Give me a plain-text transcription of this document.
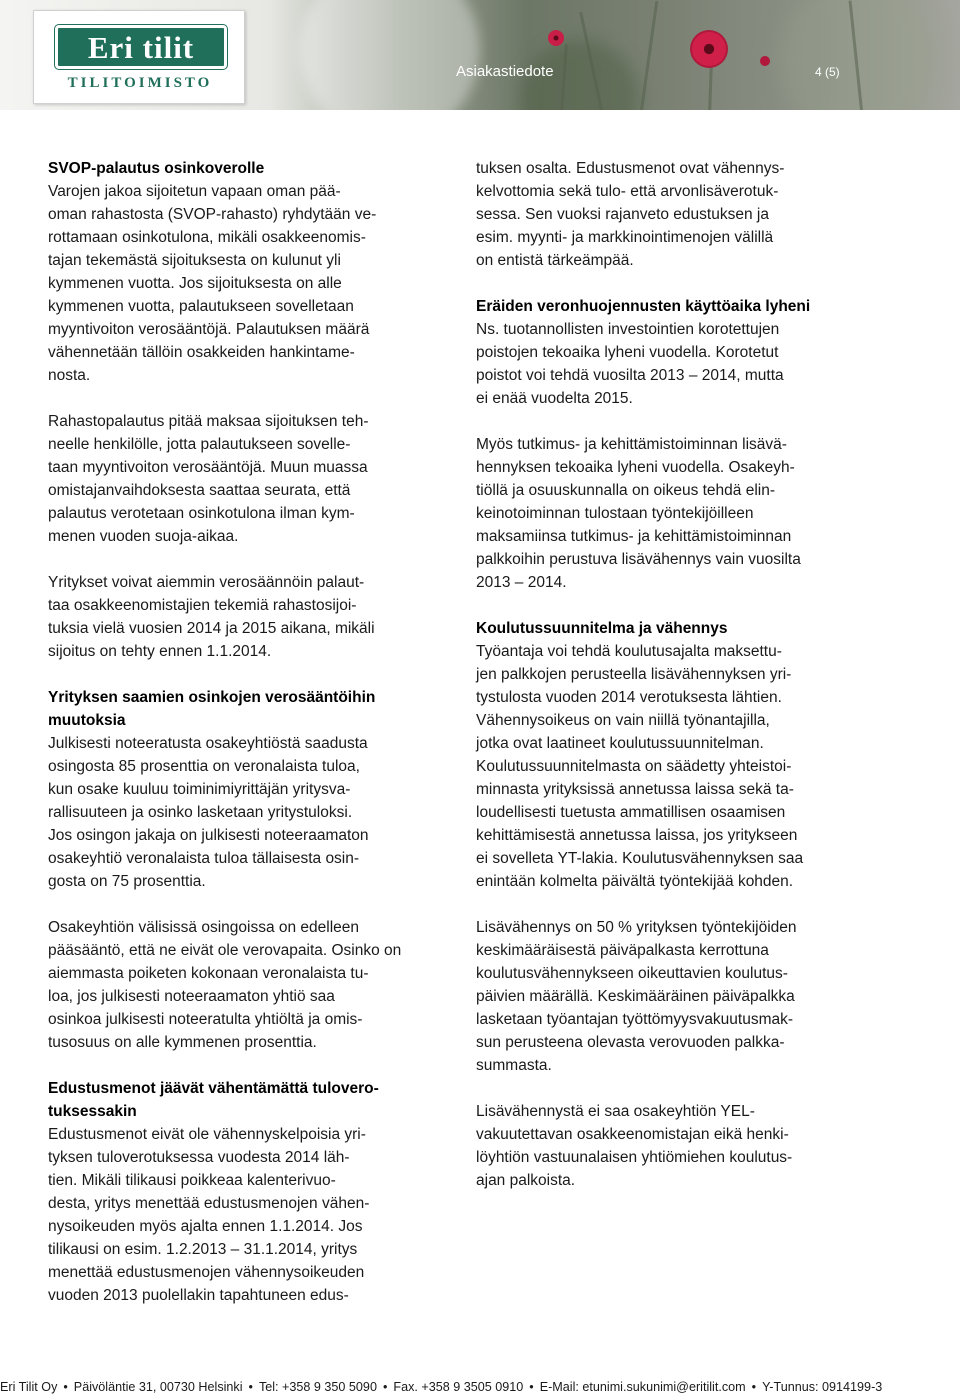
Eri tilit
TILITOIMISTO
Asiakastiedote	4 (5)
SVOP-palautus osinkoverolle
Varojen jakoa sijoitetun vapaan oman pää-
oman rahastosta (SVOP-rahasto) ryhdytään ve-
rottamaan osinkotulona, mikäli osakkeenomis-
tajan tekemästä sijoituksesta on kulunut yli
kymmenen vuotta. Jos sijoituksesta on alle
kymmenen vuotta, palautukseen sovelletaan
myyntivoiton verosääntöjä. Palautuksen määrä
vähennetään tällöin osakkeiden hankintame-
nosta.
Rahastopalautus pitää maksaa sijoituksen teh-
neelle henkilölle, jotta palautukseen sovelle-
taan myyntivoiton verosääntöjä. Muun muassa
omistajanvaihdoksesta saattaa seurata, että
palautus verotetaan osinkotulona ilman kym-
menen vuoden suoja-aikaa.
Yritykset voivat aiemmin verosäännöin palaut-
taa osakkeenomistajien tekemiä rahastosijoi-
tuksia vielä vuosien 2014 ja 2015 aikana, mikäli
sijoitus on tehty ennen 1.1.2014.
Yrityksen saamien osinkojen verosääntöihin
muutoksia
Julkisesti noteeratusta osakeyhtiöstä saadusta
osingosta 85 prosenttia on veronalaista tuloa,
kun osake kuuluu toiminimiyrittäjän yritysva-
rallisuuteen ja osinko lasketaan yritystuloksi.
Jos osingon jakaja on julkisesti noteeraamaton
osakeyhtiö veronalaista tuloa tällaisesta osin-
gosta on 75 prosenttia.
Osakeyhtiön välisissä osingoissa on edelleen
pääsääntö, että ne eivät ole verovapaita. Osinko on
aiemmasta poiketen kokonaan veronalaista tu-
loa, jos julkisesti noteeraamaton yhtiö saa
osinkoa julkisesti noteeratulta yhtiöltä ja omis-
tusosuus on alle kymmenen prosenttia.
Edustusmenot jäävät vähentämättä tulovero-
tuksessakin
Edustusmenot eivät ole vähennyskelpoisia yri-
tyksen tuloverotuksessa vuodesta 2014 läh-
tien. Mikäli tilikausi poikkeaa kalenterivuo-
desta, yritys menettää edustusmenojen vähen-
nysoikeuden myös ajalta ennen 1.1.2014. Jos
tilikausi on esim. 1.2.2013 – 31.1.2014, yritys
menettää edustusmenojen vähennysoikeuden
vuoden 2013 puolellakin tapahtuneen edus-
tuksen osalta. Edustusmenot ovat vähennys-
kelvottomia sekä tulo- että arvonlisäverotuk-
sessa. Sen vuoksi rajanveto edustuksen ja
esim. myynti- ja markkinointimenojen välillä
on entistä tärkeämpää.
Eräiden veronhuojennusten käyttöaika lyheni
Ns. tuotannollisten investointien korotettujen
poistojen tekoaika lyheni vuodella. Korotetut
poistot voi tehdä vuosilta 2013 – 2014, mutta
ei enää vuodelta 2015.
Myös tutkimus- ja kehittämistoiminnan lisävä-
hennyksen tekoaika lyheni vuodella. Osakeyh-
tiöllä ja osuuskunnalla on oikeus tehdä elin-
keinotoiminnan tulostaan työntekijöilleen
maksamiinsa tutkimus- ja kehittämistoiminnan
palkkoihin perustuva lisävähennys vain vuosilta
2013 – 2014.
Koulutussuunnitelma ja vähennys
Työantaja voi tehdä koulutusajalta maksettu-
jen palkkojen perusteella lisävähennyksen yri-
tystulosta vuoden 2014 verotuksesta lähtien.
Vähennysoikeus on vain niillä työnantajilla,
jotka ovat laatineet koulutussuunnitelman.
Koulutussuunnitelmasta on säädetty yhteistoi-
minnasta yrityksissä annetussa laissa sekä ta-
loudellisesti tuetusta ammatillisen osaamisen
kehittämisestä annetussa laissa, jos yritykseen
ei sovelleta YT-lakia. Koulutusvähennyksen saa
enintään kolmelta päivältä työntekijää kohden.
Lisävähennys on 50 % yrityksen työntekijöiden
keskimääräisestä päiväpalkasta kerrottuna
koulutusvähennykseen oikeuttavien koulutus-
päivien määrällä. Keskimääräinen päiväpalkka
lasketaan työantajan työttömyysvakuutusmak-
sun perusteena olevasta verovuoden palkka-
summasta.
Lisävähennystä ei saa osakeyhtiön YEL-
vakuutettavan osakkeenomistajan eikä henki-
löyhtiön vastuunalaisen yhtiömiehen koulutus-
ajan palkoista.
Eri Tilit Oy • Päivöläntie 31, 00730 Helsinki • Tel: +358 9 350 5090 • Fax. +358 9 3505 0910 • E-Mail: etunimi.sukunimi@eritilit.com • Y-Tunnus: 0914199-3
